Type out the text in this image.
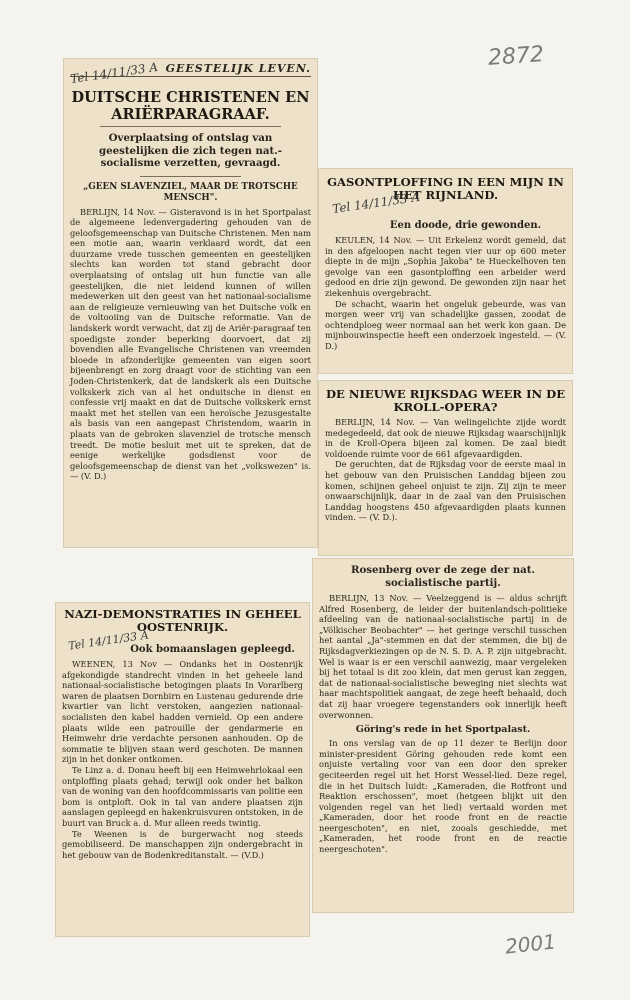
2872
GEESTELIJK LEVEN.
DUITSCHE CHRISTENEN EN ARIËRPARAGRAAF.

Overplaatsing of ontslag van geestelijken die zich tegen nat.-socialisme verzetten, gevraagd.

„GEEN SLAVENZIEL, MAAR DE TROTSCHE MENSCH".

BERLIJN, 14 Nov. — Gisteravond is in het Sportpalast de algemeene ledenvergadering gehouden van de geloofsgemeenschap van Duitsche Christenen. Men nam een motie aan, waarin verklaard wordt, dat een duurzame vrede tusschen gemeenten en geestelijken slechts kan worden tot stand gebracht door overplaatsing of ontslag uit hun functie van alle geestelijken, die niet leidend kunnen of willen medewerken uit den geest van het nationaal-socialisme aan de religieuze vernieuwing van het Duitsche volk en de voltooiing van de Duitsche reformatie. Van de landskerk wordt verwacht, dat zij de Ariër-paragraaf ten spoedigste zonder beperking doorvoert, dat zij bovendien alle Evangelische Christenen van vreemden bloede in afzonderlijke gemeenten van eigen soort bijeenbrengt en zorg draagt voor de stichting van een Joden-Christenkerk, dat de landskerk als een Duitsche volkskerk zich van al het onduitsche in dienst en confessie vrij maakt en dat de Duitsche volkskerk ernst maakt met het stellen van een heroïsche Jezusgestalte als basis van een aangepast Christendom, waarin in plaats van de gebroken slavenziel de trotsche mensch treedt. De motie besluit met uit te spreken, dat de eenige werkelijke godsdienst voor de geloofsgemeenschap de dienst van het „volkswezen" is. — (V. D.)

Tel 14/11/33 A
GASONTPLOFFING IN EEN MIJN IN HET RIJNLAND.

Een doode, drie gewonden.

KEULEN, 14 Nov. — Uit Erkelenz wordt gemeld, dat in den afgeloopen nacht tegen vier uur op 600 meter diepte in de mijn „Sophia Jakoba" te Hueckelhoven ten gevolge van een gasontploffing een arbeider werd gedood en drie zijn gewond. De gewonden zijn naar het ziekenhuis overgebracht.

De schacht, waarin het ongeluk gebeurde, was van morgen weer vrij van schadelijke gassen, zoodat de ochtendploeg weer normaal aan het werk kon gaan. De mijnbouwinspectie heeft een onderzoek ingesteld. — (V. D.)

Tel 14/11/33 A
DE NIEUWE RIJKSDAG WEER IN DE KROLL-OPERA?

BERLIJN, 14 Nov. — Van welingelichte zijde wordt medegedeeld, dat ook de nieuwe Rijksdag waarschijnlijk in de Kroll-Opera bijeen zal komen. De zaal biedt voldoende ruimte voor de 661 afgevaardigden.

De geruchten, dat de Rijksdag voor de eerste maal in het gebouw van den Pruisischen Landdag bijeen zou komen, schijnen geheel onjuist te zijn. Zij zijn te meer onwaarschijnlijk, daar in de zaal van den Pruisischen Landdag hoogstens 450 afgevaardigden plaats kunnen vinden. — (V. D.).

Rosenberg over de zege der nat. socialistische partij.

BERLIJN, 13 Nov. — Veelzeggend is — aldus schrijft Alfred Rosenberg, de leider der buitenlandsch-politieke afdeeling van de nationaal-socialistische partij in de „Völkischer Beobachter" — het geringe verschil tusschen het aantal „Ja"-stemmen en dat der stemmen, die bij de Rijksdagverkiezingen op de N. S. D. A. P. zijn uitgebracht. Wel is waar is er een verschil aanwezig, maar vergeleken bij het totaal is dit zoo klein, dat men gerust kan zeggen, dat de nationaal-socialistische beweging niet slechts wat haar machtspolitiek aangaat, de zege heeft behaald, doch dat zij haar vroegere tegenstanders ook innerlijk heeft overwonnen.

Göring's rede in het Sportpalast.

In ons verslag van de op 11 dezer te Berlijn door minister-president Göring gehouden rede komt een onjuiste vertaling voor van een door den spreker geciteerden regel uit het Horst Wessel-lied. Deze regel, die in het Duitsch luidt: „Kameraden, die Rotfront und Reaktion erschossen", moet (hetgeen blijkt uit den volgenden regel van het lied) vertaald worden met „Kameraden, door het roode front en de reactie neergeschoten", en niet, zooals geschiedde, met „Kameraden, het roode front en de reactie neergeschoten".

NAZI-DEMONSTRATIES IN GEHEEL OOSTENRIJK.

Ook bomaanslagen gepleegd.

WEENEN, 13 Nov — Ondanks het in Oostenrijk afgekondigde standrecht vinden in het geheele land nationaal-socialistische betogingen plaats In Vorarlberg waren de plaatsen Dornbirn en Lustenau gedurende drie kwartier van licht verstoken, aangezien nationaal-socialisten den kabel hadden vernield. Op een andere plaats wilde een patrouille der gendarmerie en Heimwehr drie verdachte personen aanhouden. Op de sommatie te blijven staan werd geschoten. De mannen zijn in het donker ontkomen.

Te Linz a. d. Donau heeft bij een Heimwehrlokaal een ontploffing plaats gehad; terwijl ook onder het balkon van de woning van den hoofdcommissaris van politie een bom is ontploft. Ook in tal van andere plaatsen zijn aanslagen gepleegd en hakenkruisvuren ontstoken, in de buurt van Bruck a. d. Mur alleen reeds twintig.

Te Weenen is de burgerwacht nog steeds gemobiliseerd. De manschappen zijn ondergebracht in het gebouw van de Bodenkreditanstalt. — (V.D.)

Tel 14/11/33 A
2001
